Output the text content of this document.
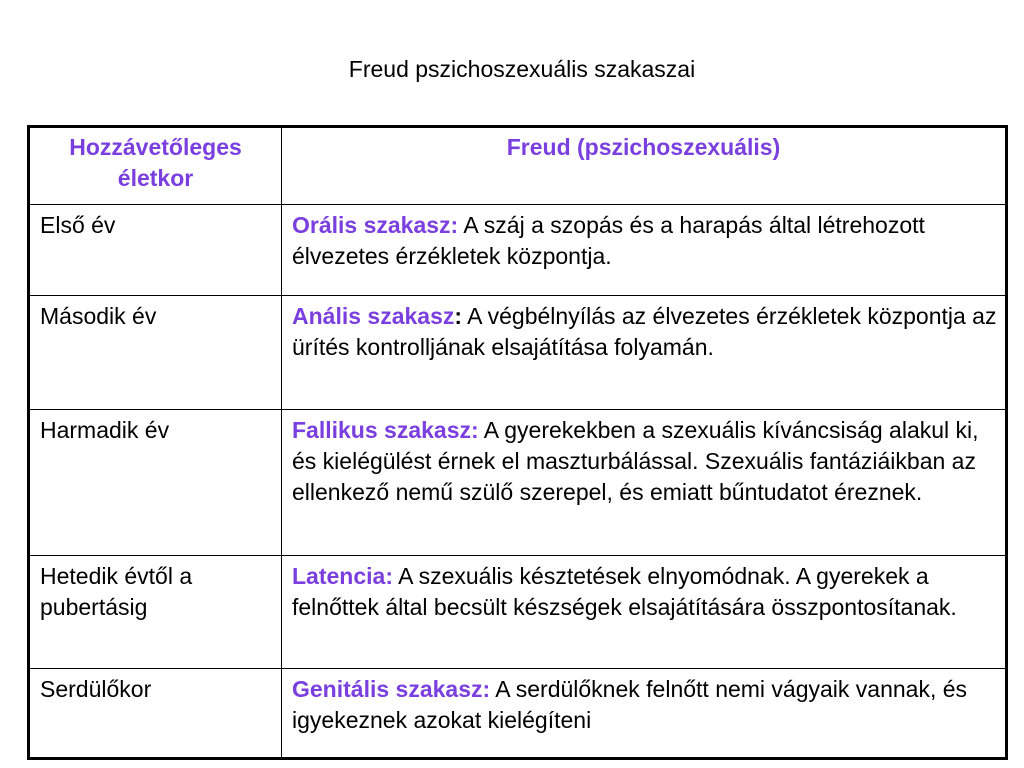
Freud pszichoszexuális szakaszai
Hozzávetőleges életkor	Freud (pszichoszexuális)
Első év	Orális szakasz: A száj a szopás és a harapás által létrehozott élvezetes érzékletek központja.
Második év	Anális szakasz: A végbélnyílás az élvezetes érzékletek központja az ürítés kontrolljának elsajátítása folyamán.
Harmadik év	Fallikus szakasz: A gyerekekben a szexuális kíváncsiság alakul ki, és kielégülést érnek el maszturbálással. Szexuális fantáziáikban az ellenkező nemű szülő szerepel, és emiatt bűntudatot éreznek.
Hetedik évtől a pubertásig	Latencia: A szexuális késztetések elnyomódnak. A gyerekek a felnőttek által becsült készségek elsajátítására összpontosítanak.
Serdülőkor	Genitális szakasz: A serdülőknek felnőtt nemi vágyaik vannak, és igyekeznek azokat kielégíteni
